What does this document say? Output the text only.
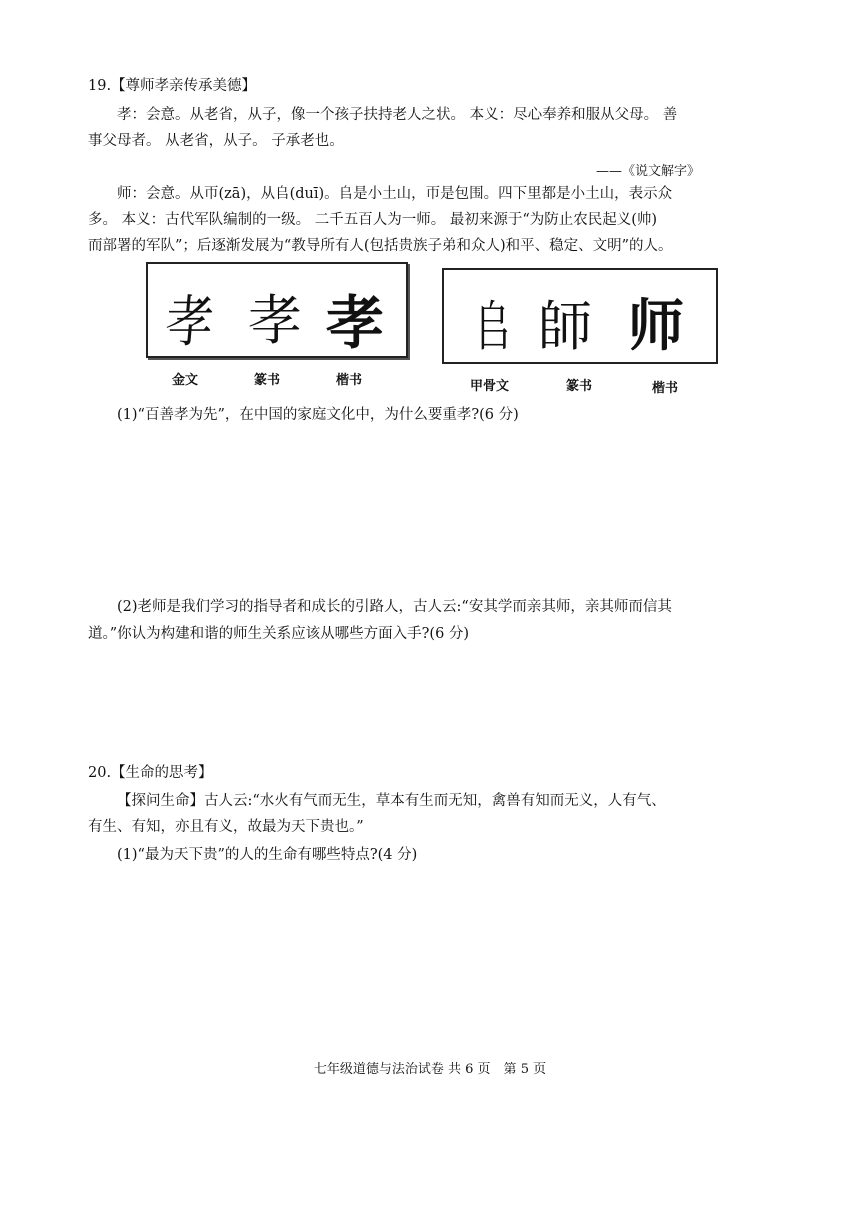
19.【尊师孝亲传承美德】
孝：会意。从老省，从子，像一个孩子扶持老人之状。 本义：尽心奉养和服从父母。 善
事父母者。 从老省，从子。 子承老也。
——《说文解字》
师：会意。从帀(zā)，从𠂤(duī)。𠂤是小土山，帀是包围。四下里都是小土山，表示众
多。 本义：古代军队编制的一级。 二千五百人为一师。 最初来源于“为防止农民起义(帅)
而部署的军队”；后逐渐发展为“教导所有人(包括贵族子弟和众人)和平、稳定、文明”的人。
孝 孝 孝
金文	篆书	楷书
𠂤 師 师
甲骨文	篆书	楷书
(1)“百善孝为先”，在中国的家庭文化中，为什么要重孝?(6 分)
(2)老师是我们学习的指导者和成长的引路人，古人云:“安其学而亲其师，亲其师而信其
道。”你认为构建和谐的师生关系应该从哪些方面入手?(6 分)
20.【生命的思考】
【探问生命】古人云:“水火有气而无生，草本有生而无知，禽兽有知而无义，人有气、
有生、有知，亦且有义，故最为天下贵也。”
(1)“最为天下贵”的人的生命有哪些特点?(4 分)
七年级道德与法治试卷 共 6 页　第 5 页
